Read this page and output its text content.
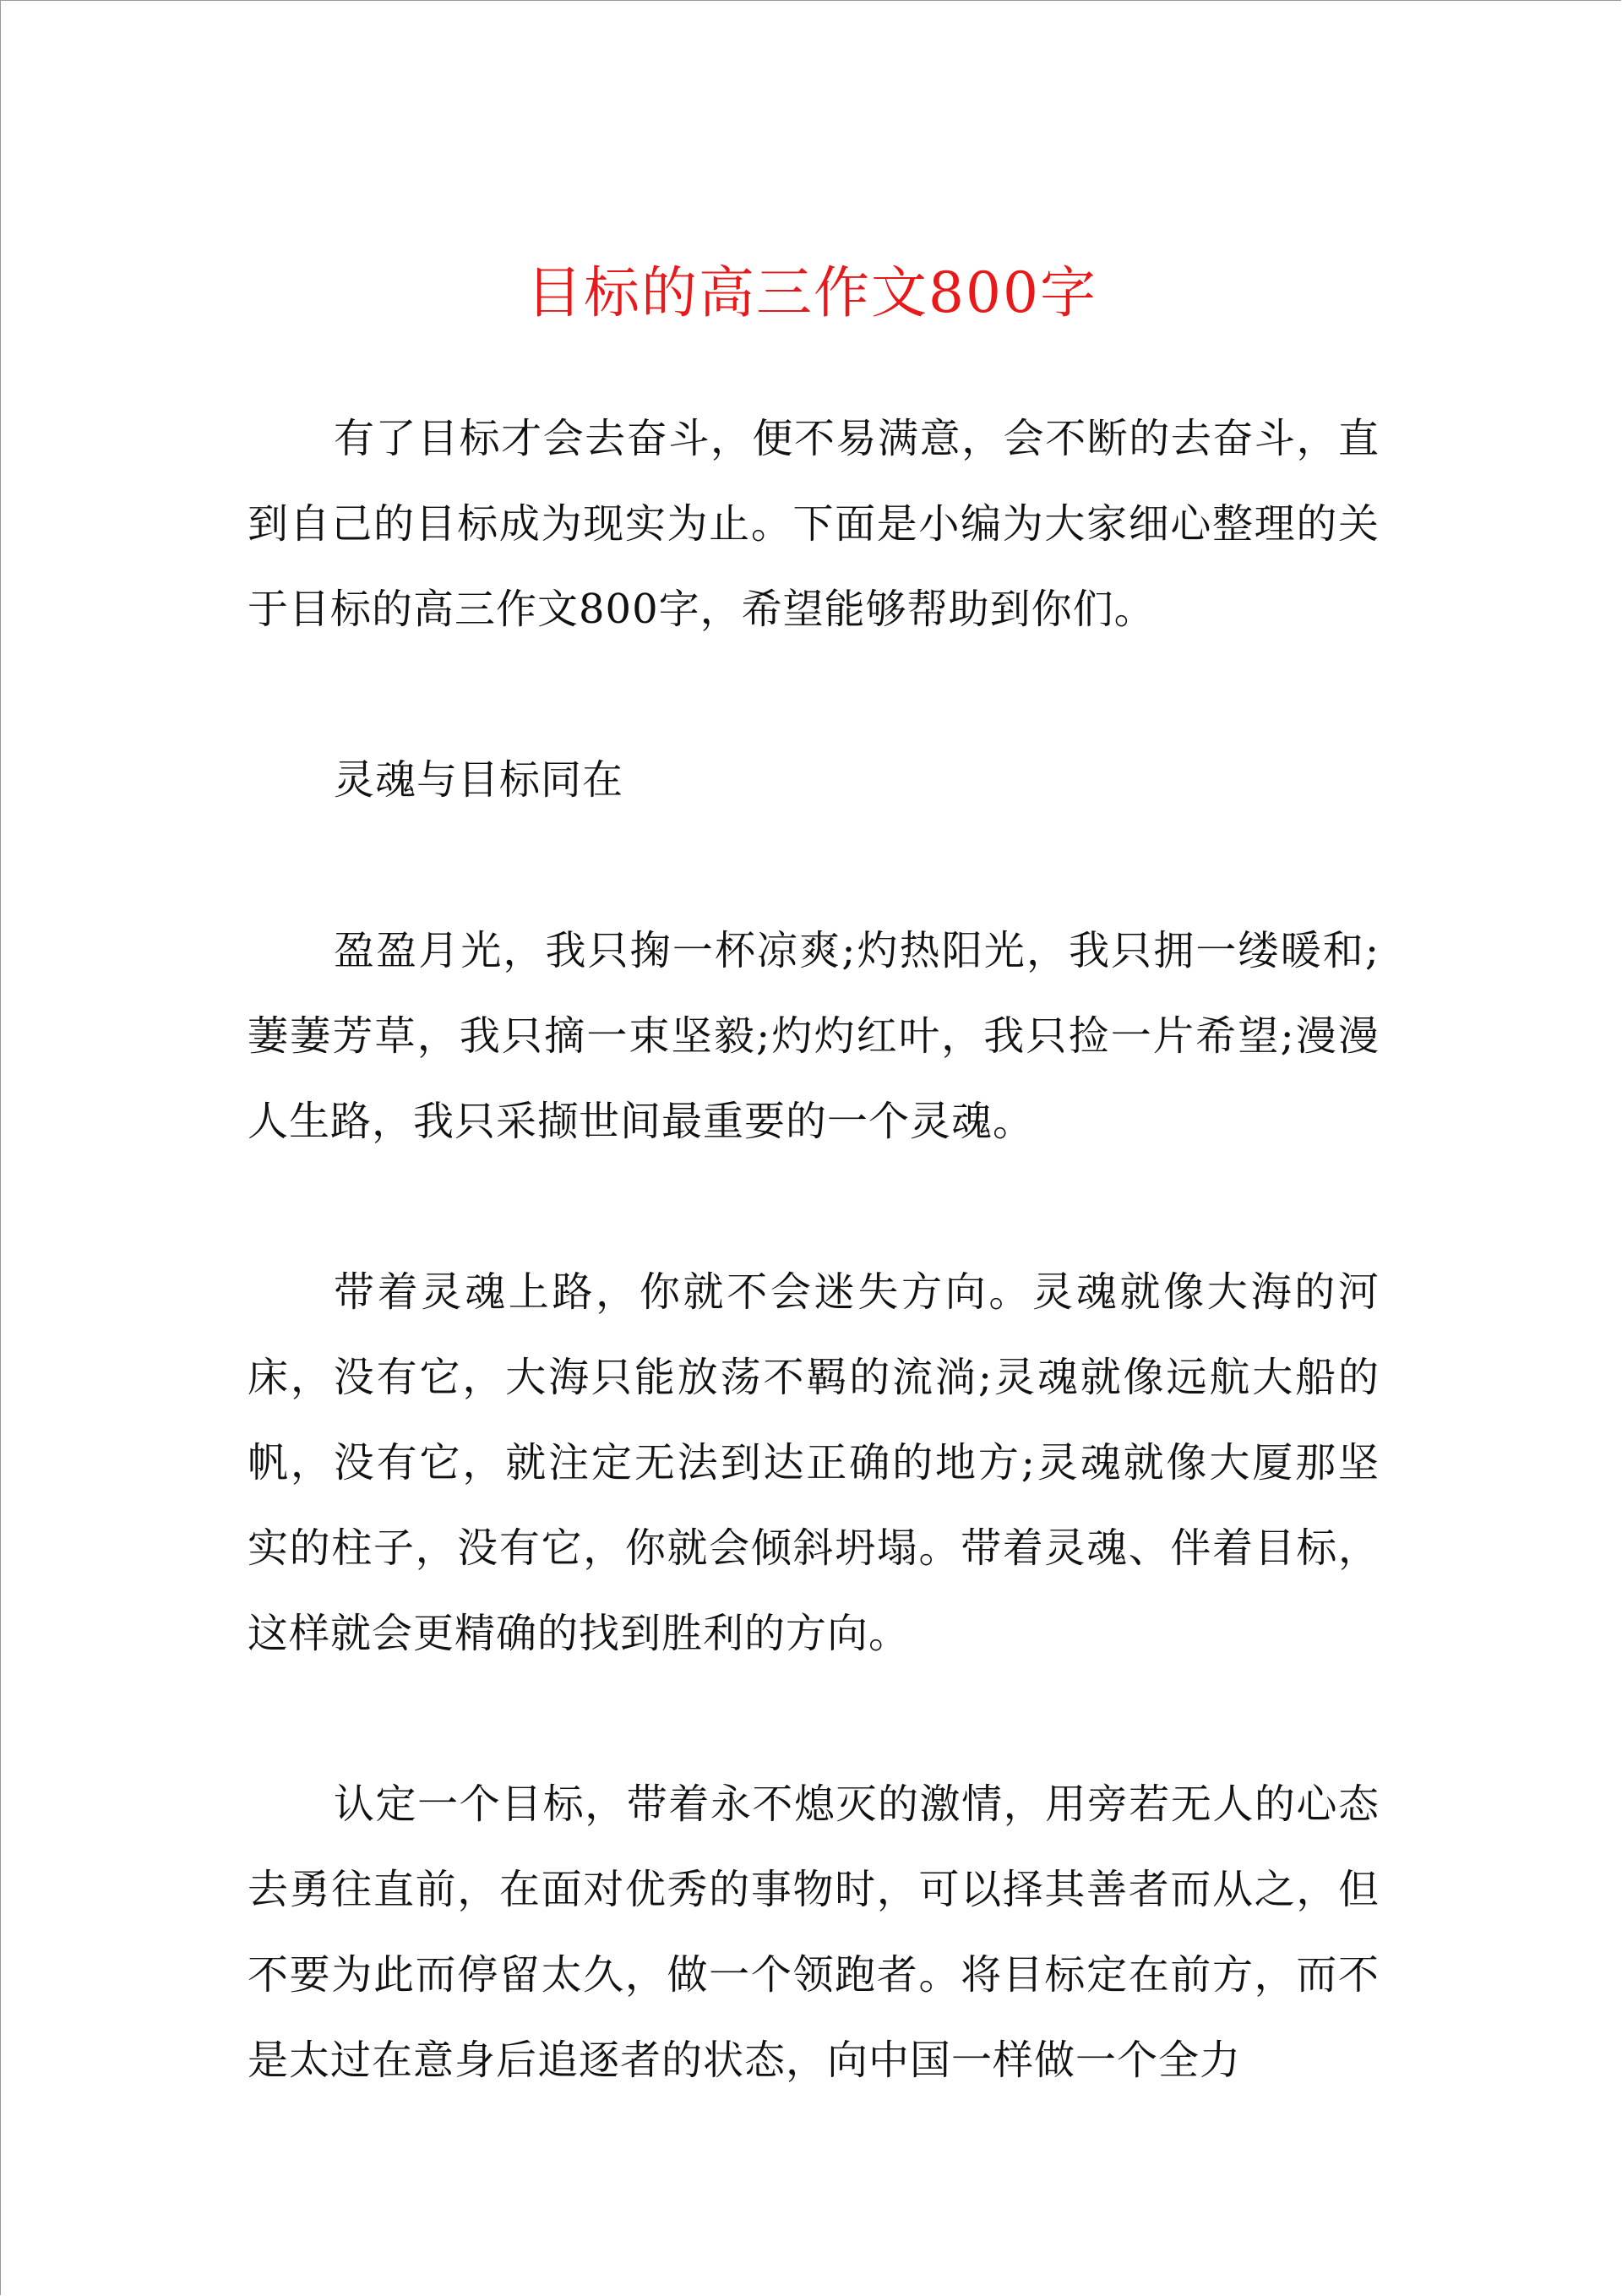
目标的高三作文800字

有了目标才会去奋斗，便不易满意，会不断的去奋斗，直到自己的目标成为现实为止。下面是小编为大家细心整理的关于目标的高三作文800字，希望能够帮助到你们。

灵魂与目标同在

盈盈月光，我只掬一杯凉爽;灼热阳光，我只拥一缕暖和;萋萋芳草，我只摘一束坚毅;灼灼红叶，我只捡一片希望;漫漫人生路，我只采撷世间最重要的一个灵魂。

带着灵魂上路，你就不会迷失方向。灵魂就像大海的河床，没有它，大海只能放荡不羁的流淌;灵魂就像远航大船的帆，没有它，就注定无法到达正确的地方;灵魂就像大厦那坚实的柱子，没有它，你就会倾斜坍塌。带着灵魂、伴着目标，这样就会更精确的找到胜利的方向。

认定一个目标，带着永不熄灭的激情，用旁若无人的心态去勇往直前，在面对优秀的事物时，可以择其善者而从之，但不要为此而停留太久，做一个领跑者。将目标定在前方，而不是太过在意身后追逐者的状态，向中国一样做一个全力
